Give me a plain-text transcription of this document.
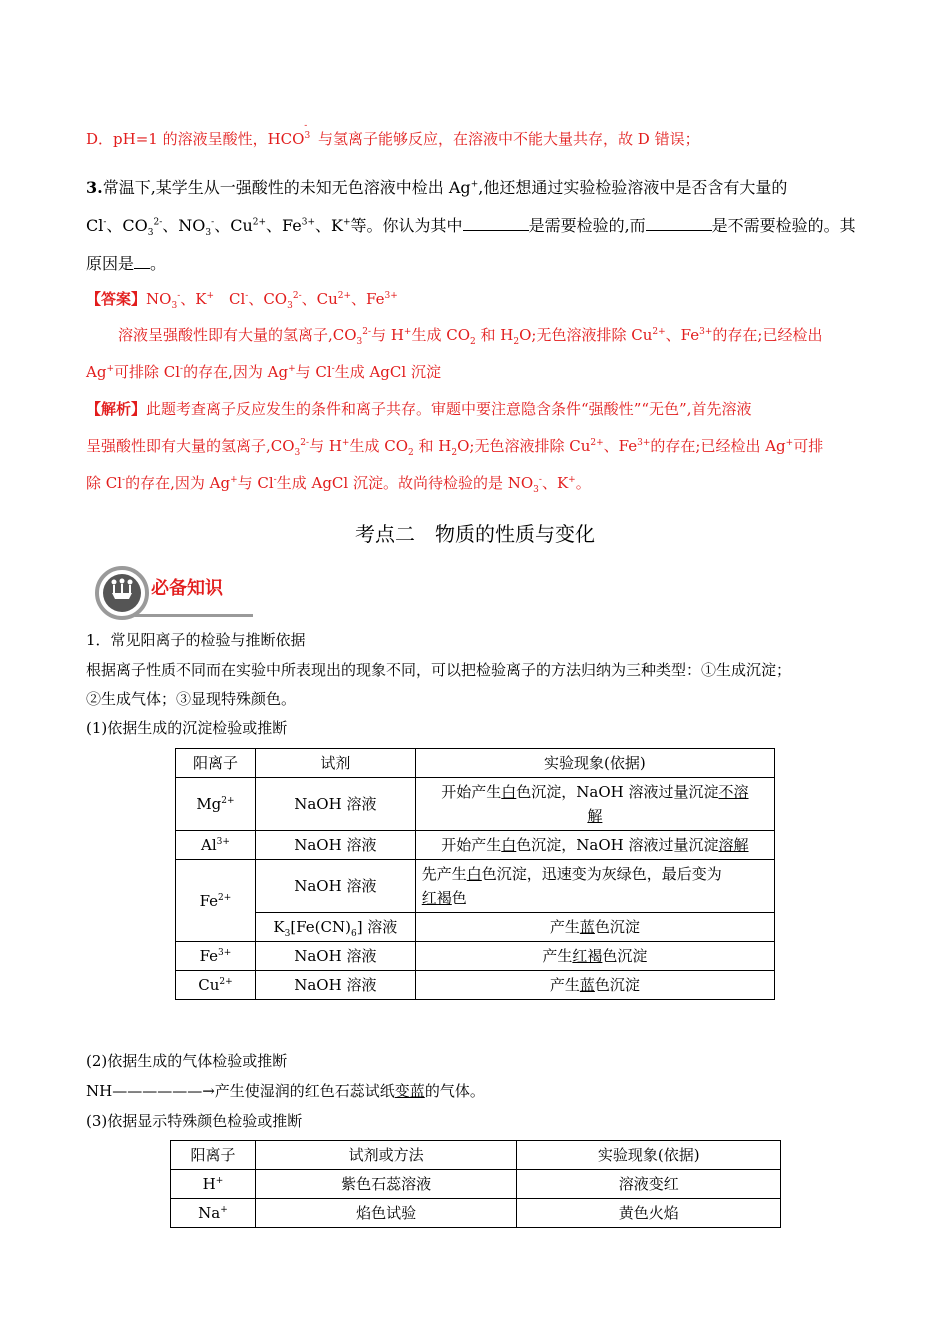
D．pH=1 的溶液呈酸性，$HCO^{3-}$ 与氢离子能够反应，在溶液中不能大量共存，故 D 错误；
3.常温下,某学生从一强酸性的未知无色溶液中检出 Ag+,他还想通过实验检验溶液中是否含有大量的
Cl-、$CO_3^{2-}$、$NO_3^-$、$Cu^{2+}$、$Fe^{3+}$、K+等。你认为其中	是需要检验的,而	是不需要检验的。其
原因是 。
【答案】$NO_3^-$、K+　Cl-、$CO_3^{2-}$、$Cu^{2+}$、$Fe^{3+}$
溶液呈强酸性即有大量的氢离子$,CO_3^{2-}$与 H+生成 $CO_2$ 和 $H_2O$;无色溶液排除 $Cu^{2+}$、$Fe^{3+}$的存在;已经检出
Ag+可排除 Cl-的存在,因为 Ag+与 Cl-生成 AgCl 沉淀
【解析】此题考查离子反应发生的条件和离子共存。审题中要注意隐含条件“强酸性”“无色”,首先溶液
呈强酸性即有大量的氢离子$,CO_3^{2-}$与 H+生成 $CO_2$ 和 $H_2O$;无色溶液排除 $Cu^{2+}$、$Fe^{3+}$的存在;已经检出 Ag+可排
除 Cl-的存在,因为 Ag+与 Cl-生成 AgCl 沉淀。故尚待检验的是 $NO_3^-$、K+。
考点二　物质的性质与变化
必备知识
1．常见阳离子的检验与推断依据
根据离子性质不同而在实验中所表现出的现象不同，可以把检验离子的方法归纳为三种类型：①生成沉淀；
②生成气体；③显现特殊颜色。
(1)依据生成的沉淀检验或推断
阳离子	试剂	实验现象(依据)
$Mg^{2+}$	NaOH 溶液	开始产生白色沉淀，NaOH 溶液过量沉淀不溶
解
$Al^{3+}$	NaOH 溶液	开始产生白色沉淀，NaOH 溶液过量沉淀溶解
$Fe^{2+}$	NaOH 溶液	先产生白色沉淀，迅速变为灰绿色，最后变为
红褐色
	$K_3[Fe(CN)_6]$ 溶液	产生蓝色沉淀
$Fe^{3+}$	NaOH 溶液	产生红褐色沉淀
$Cu^{2+}$	NaOH 溶液	产生蓝色沉淀
(2)依据生成的气体检验或推断
NH——————→产生使湿润的红色石蕊试纸变蓝的气体。
(3)依据显示特殊颜色检验或推断
阳离子	试剂或方法	实验现象(依据)
H+	紫色石蕊溶液	溶液变红
Na+	焰色试验	黄色火焰
